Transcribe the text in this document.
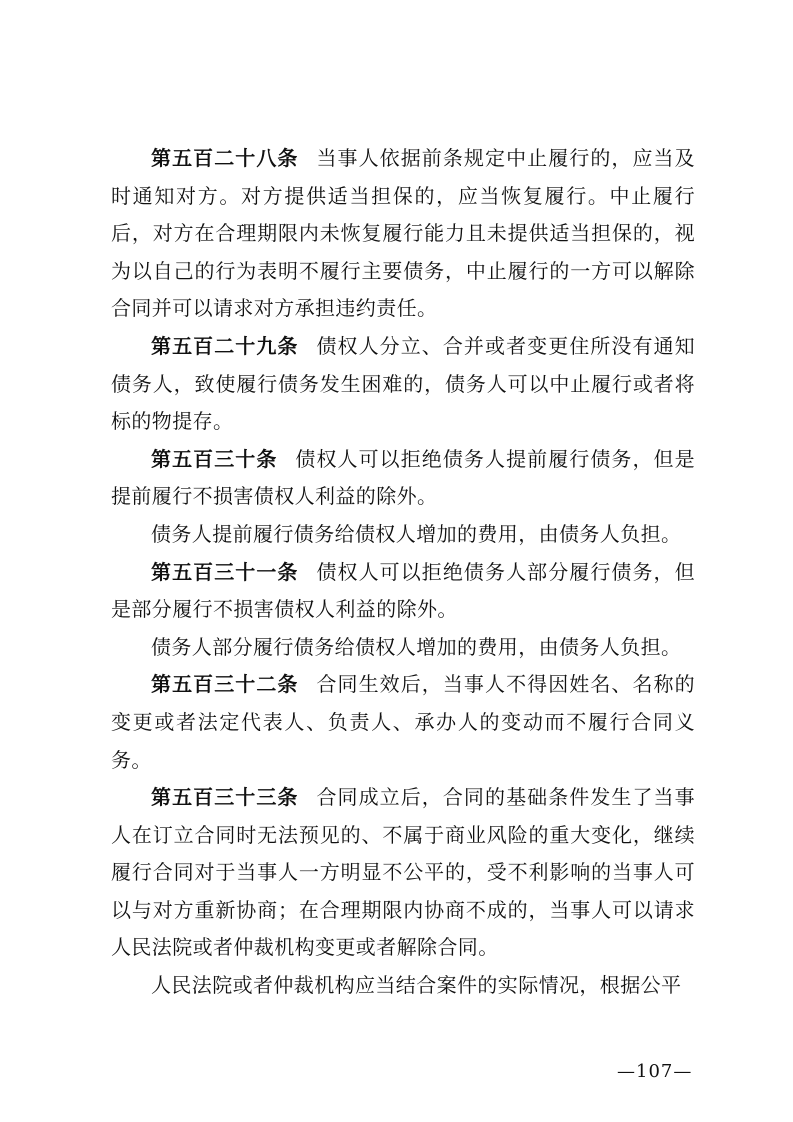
第五百二十八条 当事人依据前条规定中止履行的，应当及时通知对方。对方提供适当担保的，应当恢复履行。中止履行后，对方在合理期限内未恢复履行能力且未提供适当担保的，视为以自己的行为表明不履行主要债务，中止履行的一方可以解除合同并可以请求对方承担违约责任。

第五百二十九条 债权人分立、合并或者变更住所没有通知债务人，致使履行债务发生困难的，债务人可以中止履行或者将标的物提存。

第五百三十条 债权人可以拒绝债务人提前履行债务，但是提前履行不损害债权人利益的除外。

债务人提前履行债务给债权人增加的费用，由债务人负担。

第五百三十一条 债权人可以拒绝债务人部分履行债务，但是部分履行不损害债权人利益的除外。

债务人部分履行债务给债权人增加的费用，由债务人负担。

第五百三十二条 合同生效后，当事人不得因姓名、名称的变更或者法定代表人、负责人、承办人的变动而不履行合同义务。

第五百三十三条 合同成立后，合同的基础条件发生了当事人在订立合同时无法预见的、不属于商业风险的重大变化，继续履行合同对于当事人一方明显不公平的，受不利影响的当事人可以与对方重新协商；在合理期限内协商不成的，当事人可以请求人民法院或者仲裁机构变更或者解除合同。

人民法院或者仲裁机构应当结合案件的实际情况，根据公平

—107—
